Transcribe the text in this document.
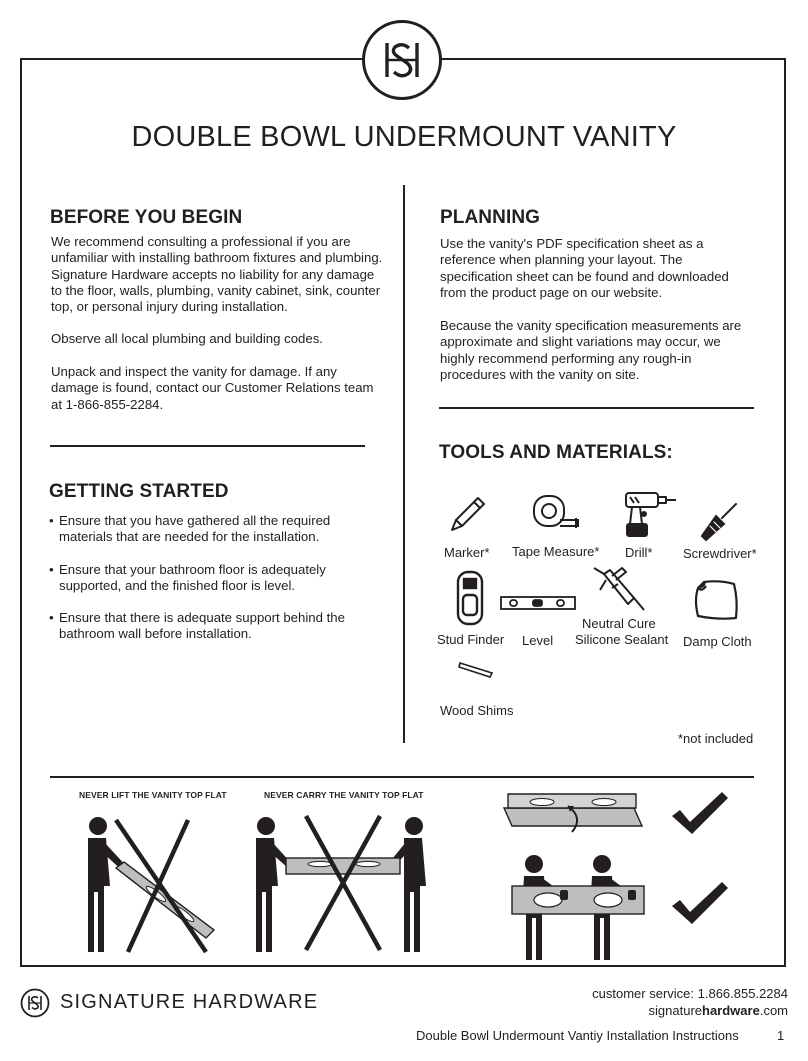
DOUBLE BOWL UNDERMOUNT VANITY
BEFORE YOU BEGIN

We recommend consulting a professional if you are unfamiliar with installing bathroom fixtures and plumbing. Signature Hardware accepts no liability for any damage to the floor, walls, plumbing, vanity cabinet, sink, counter top, or personal injury during installation.

Observe all local plumbing and building codes.

Unpack and inspect the vanity for damage. If any damage is found, contact our Customer Relations team at 1-866-855-2284.

GETTING STARTED
• Ensure that you have gathered all the required materials that are needed for the installation.
• Ensure that your bathroom floor is adequately supported, and the finished floor is level.
• Ensure that there is adequate support behind the bathroom wall before installation.
PLANNING

Use the vanity's PDF specification sheet as a reference when planning your layout. The specification sheet can be found and downloaded from the product page on our website.

Because the vanity specification measurements are approximate and slight variations may occur, we highly recommend performing any rough-in procedures with the vanity on site.

TOOLS AND MATERIALS:
Marker* Tape Measure* Drill* Screwdriver*
Stud Finder Level
Neutral Cure
Silicone Sealant Damp Cloth
Wood Shims
*not included
NEVER LIFT THE VANITY TOP FLAT	NEVER CARRY THE VANITY TOP FLAT
SIGNATURE HARDWARE	customer service: 1.866.855.2284
signaturehardware.com
Double Bowl Undermount Vantiy Installation Instructions	1
